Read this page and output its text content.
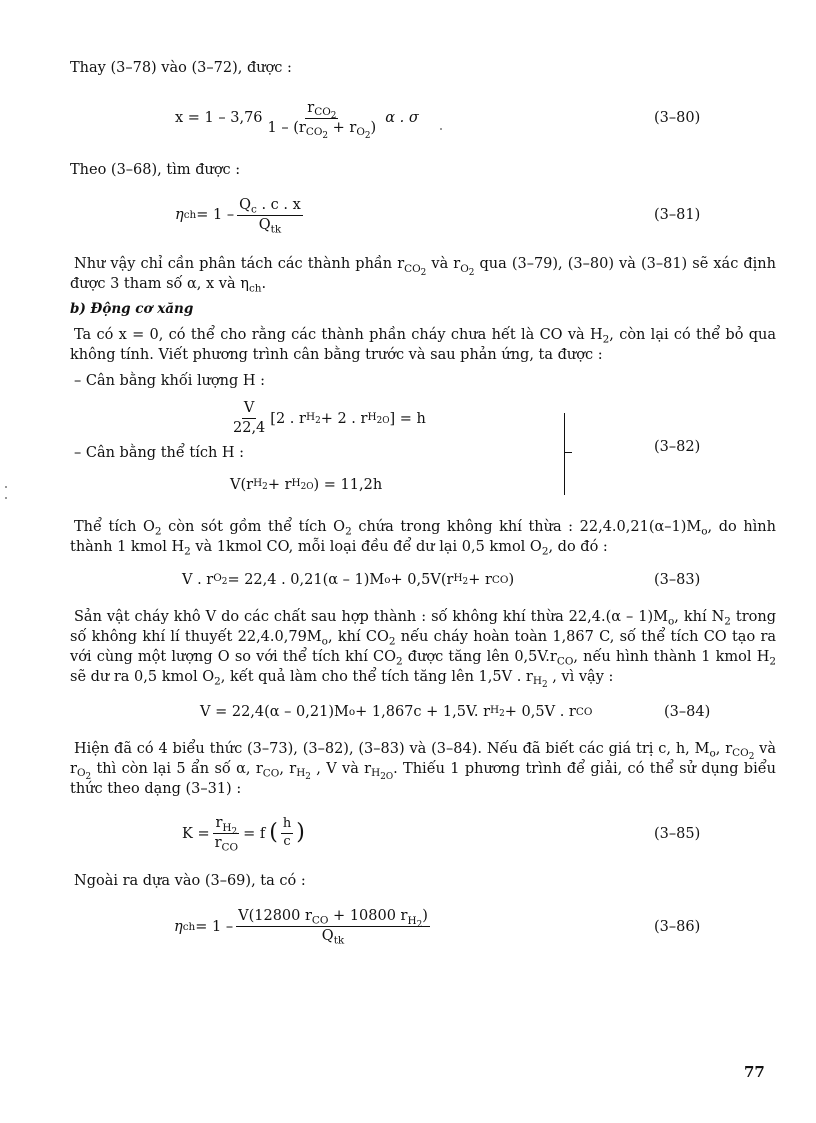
Thay (3–78) vào (3–72), được :

$x = 1 - 3,76 \frac{r_{CO_2}}{1 - (r_{CO_2} + r_{O_2})}$ α . σ	(3–80)

Theo (3–68), tìm được :

η ch = $1 - \frac{Q_c . c . x}{Q_{tk}}$	(3–81)

Như vậy chỉ cần phân tách các thành phần $r_{CO_2}$ và $r_{O_2}$ qua (3–79), (3–80) và (3–81) sẽ xác định được 3 tham số α, x và $\eta_{ch}$.

b) Động cơ xăng

Ta có x = 0, có thể cho rằng các thành phần cháy chưa hết là CO và $H_2$, còn lại có thể bỏ qua không tính. Viết phương trình cân bằng trước và sau phản ứng, ta được :

– Cân bằng khối lượng H :

(3–82)
$\frac{V}{22,4} [2$ . r $H_2 + 2$ . r $H_{2O}$ ] = h

– Cân bằng thể tích H :

V(r $H_2 + r$ $H_{2O}$ ) = 11,2h

Thể tích $O_2$ còn sót gồm thể tích $O_2$ chứa trong không khí thừa : $22,4.0,21(\alpha-1)M_o$, do hình thành 1 kmol $H_2$ và 1kmol CO, mỗi loại đều để dư lại 0,5 kmol $O_2$, do đó :

V . r $O_2 = 22,4$ . 0,21(α – 1)M o + 0,5V(r $H_2 + r$ CO )	(3–83)

Sản vật cháy khô V do các chất sau hợp thành : số không khí thừa $22,4.(\alpha - 1)M_o$, khí $N_2$ trong số không khí lí thuyết $22,4.0,79M_o$, khí $CO_2$ nếu cháy hoàn toàn 1,867 C, số thể tích CO tạo ra với cùng một lượng O so với thể tích khí $CO_2$ được tăng lên $0,5V.r_{CO}$, nếu hình thành 1 kmol $H_2$ sẽ dư ra 0,5 kmol $O_2$, kết quả làm cho thể tích tăng lên 1,5V . $r_{H_2}$ , vì vậy :

V = 22,4(α – 0,21)M o + 1,867c + 1,5V. r $H_2 + 0,5V$ . r CO	(3–84)

Hiện đã có 4 biểu thức (3–73), (3–82), (3–83) và (3–84). Nếu đã biết các giá trị c, h, $M_o$, $r_{CO_2}$ và $r_{O_2}$ thì còn lại 5 ẩn số α, $r_{CO}$, $r_{H_2}$ , V và $r_{H_{2O}}$. Thiếu 1 phương trình để giải, có thể sử dụng biểu thức theo dạng (3–31) :

$K = \frac{r_{H_2}}{r_{CO}} = f$ ( $\frac{h}{c}$ )	(3–85)

Ngoài ra dựa vào (3–69), ta có :

η ch = $1 - \frac{V(12800 r_{CO} + 10800 r_{H_2})}{Q_{tk}}$	(3–86)
77
